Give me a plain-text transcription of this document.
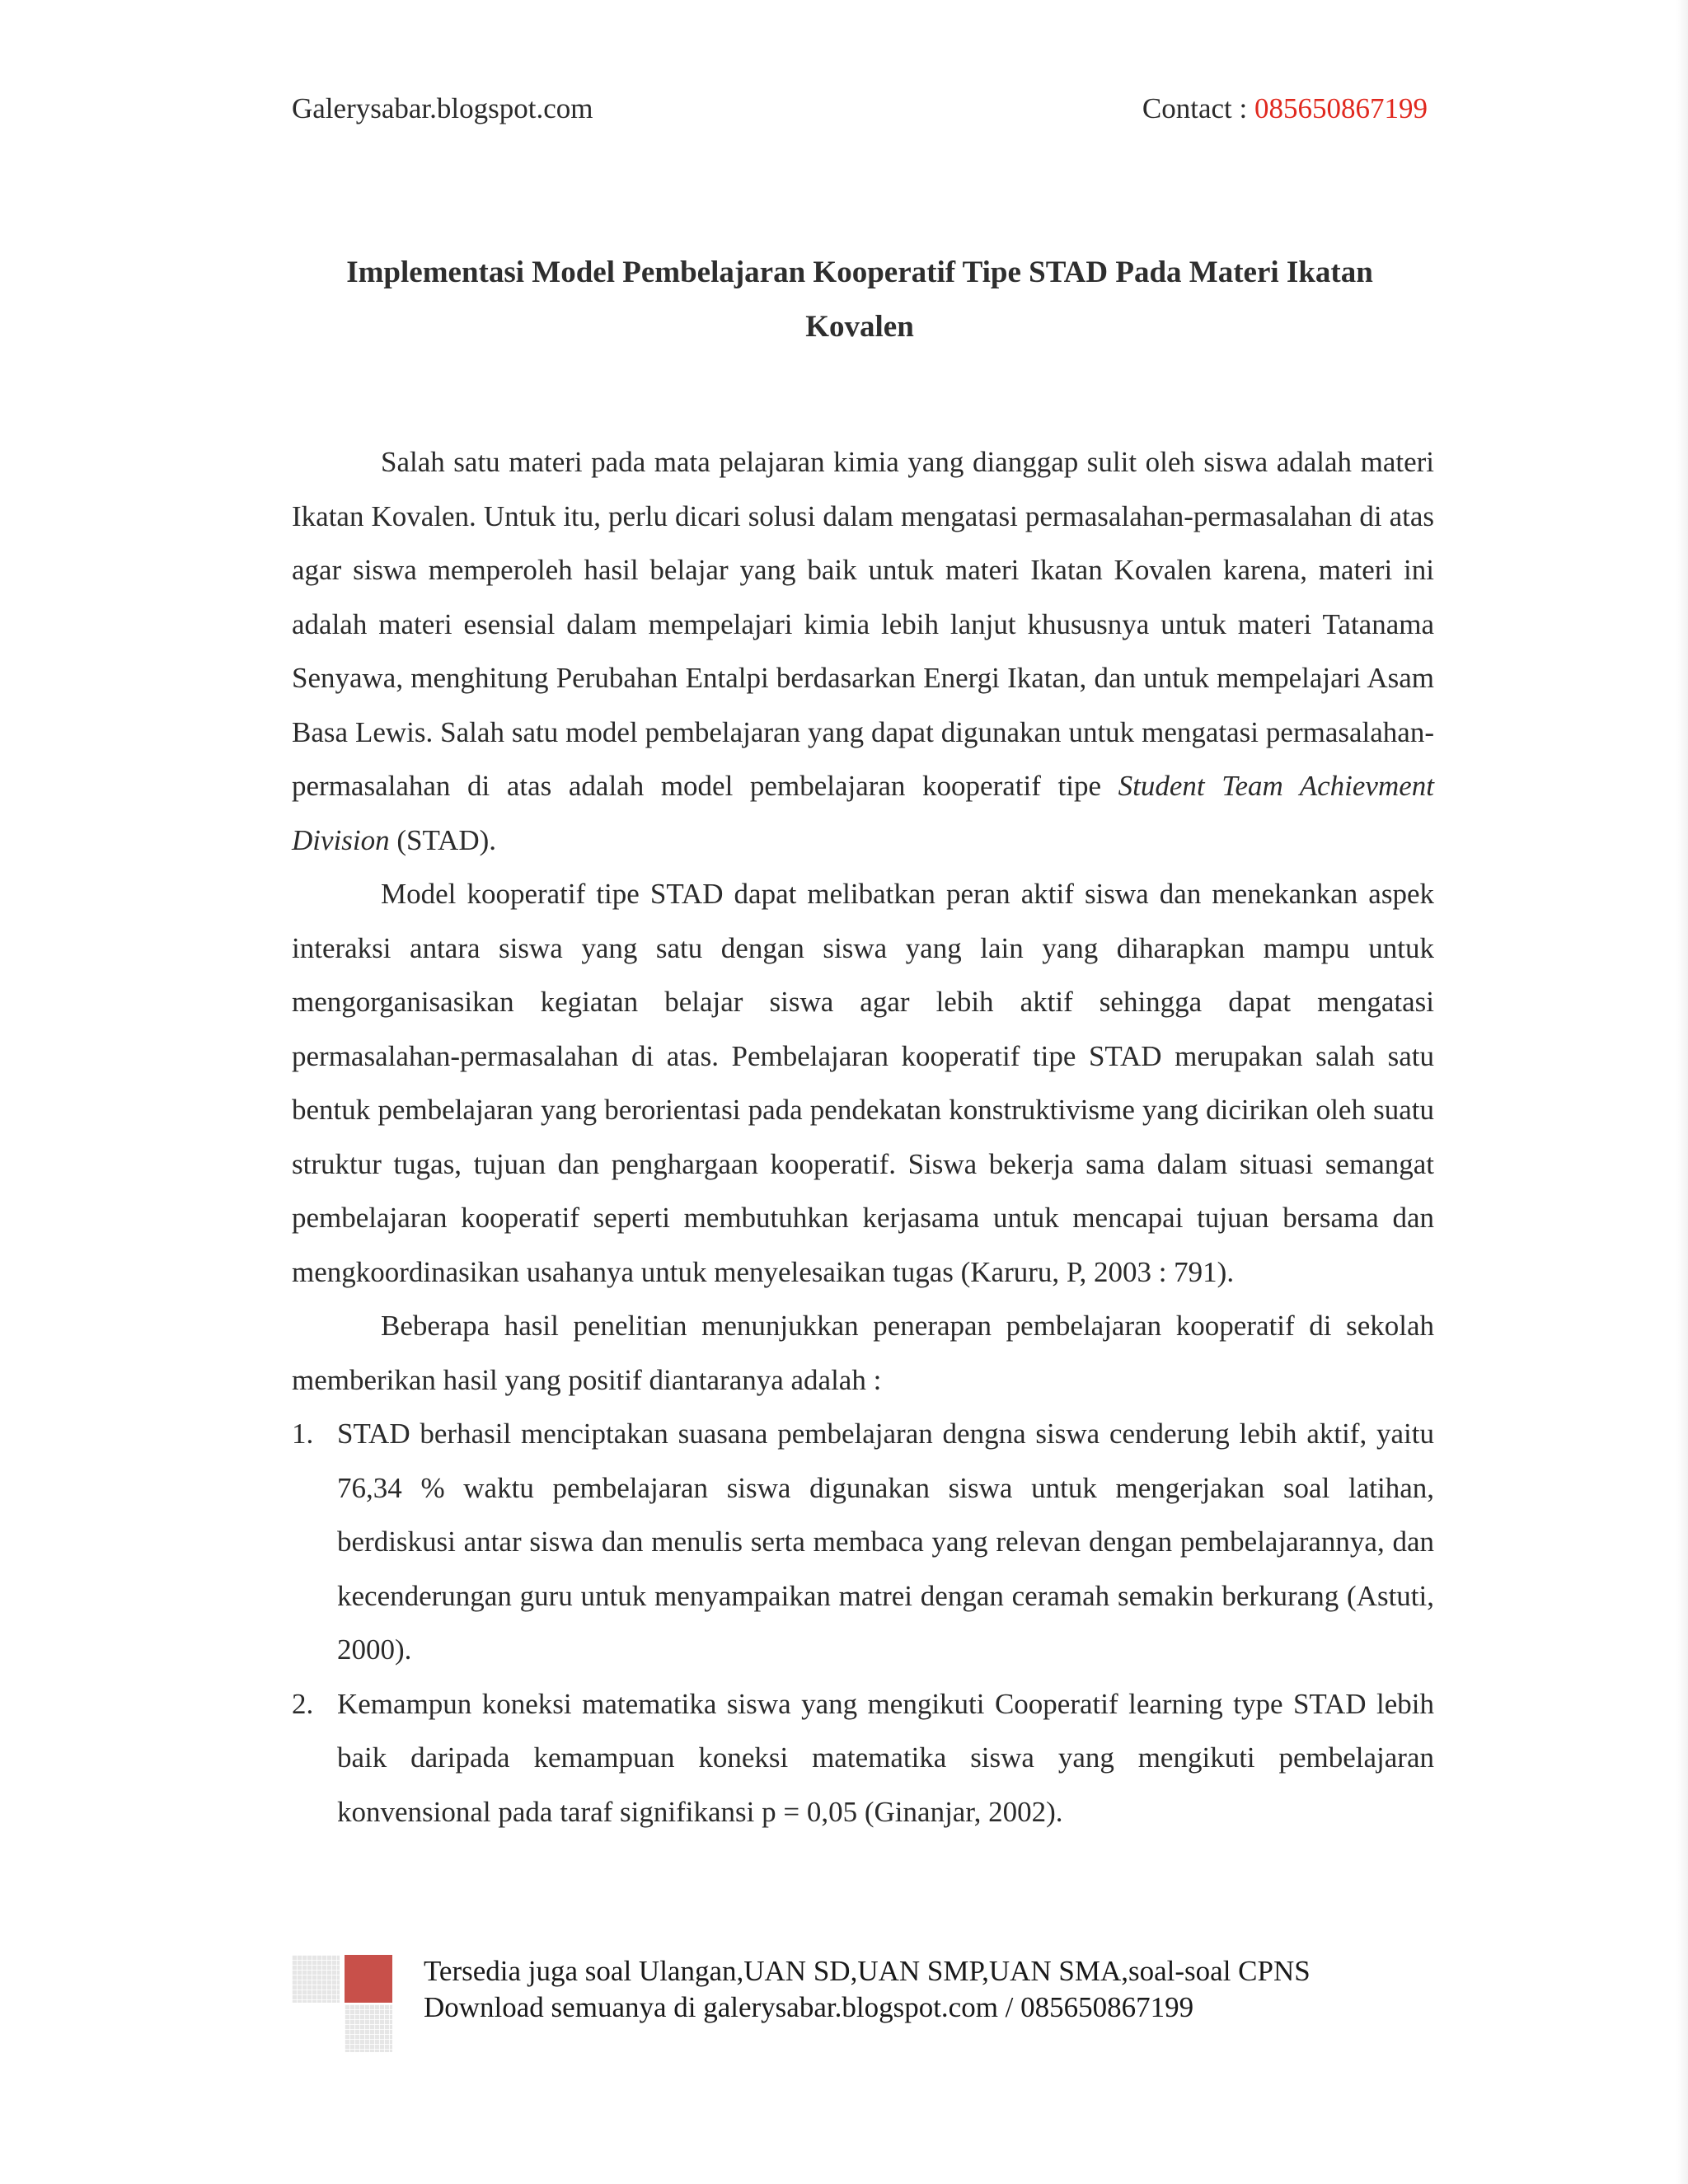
Galerysabar.blogspot.com	Contact : 085650867199
Implementasi Model Pembelajaran Kooperatif Tipe STAD Pada Materi Ikatan
Kovalen

Salah satu materi pada mata pelajaran kimia yang dianggap sulit oleh siswa adalah materi Ikatan Kovalen. Untuk itu, perlu dicari solusi dalam mengatasi permasalahan-permasalahan di atas agar siswa memperoleh hasil belajar yang baik untuk materi Ikatan Kovalen karena, materi ini adalah materi esensial dalam mempelajari kimia lebih lanjut khususnya untuk materi Tatanama Senyawa, menghitung Perubahan Entalpi berdasarkan Energi Ikatan, dan untuk mempelajari Asam Basa Lewis. Salah satu model pembelajaran yang dapat digunakan untuk mengatasi permasalahan-permasalahan di atas adalah model pembelajaran kooperatif tipe Student Team Achievment Division (STAD).

Model kooperatif tipe STAD dapat melibatkan peran aktif siswa dan menekankan aspek interaksi antara siswa yang satu dengan siswa yang lain yang diharapkan mampu untuk mengorganisasikan kegiatan belajar siswa agar lebih aktif sehingga dapat mengatasi permasalahan-permasalahan di atas. Pembelajaran kooperatif tipe STAD merupakan salah satu bentuk pembelajaran yang berorientasi pada pendekatan konstruktivisme yang dicirikan oleh suatu struktur tugas, tujuan dan penghargaan kooperatif. Siswa bekerja sama dalam situasi semangat pembelajaran kooperatif seperti membutuhkan kerjasama untuk mencapai tujuan bersama dan mengkoordinasikan usahanya untuk menyelesaikan tugas (Karuru, P, 2003 : 791).

Beberapa hasil penelitian menunjukkan penerapan pembelajaran kooperatif di sekolah memberikan hasil yang positif diantaranya adalah :

1. STAD berhasil menciptakan suasana pembelajaran dengna siswa cenderung lebih aktif, yaitu 76,34 % waktu pembelajaran siswa digunakan siswa untuk mengerjakan soal latihan, berdiskusi antar siswa dan menulis serta membaca yang relevan dengan pembelajarannya, dan kecenderungan guru untuk menyampaikan matrei dengan ceramah semakin berkurang (Astuti, 2000).
2. Kemampun koneksi matematika siswa yang mengikuti Cooperatif learning type STAD lebih baik daripada kemampuan koneksi matematika siswa yang mengikuti pembelajaran konvensional pada taraf signifikansi p = 0,05 (Ginanjar, 2002).
Tersedia juga soal Ulangan,UAN SD,UAN SMP,UAN SMA,soal-soal CPNS
Download semuanya di galerysabar.blogspot.com / 085650867199
